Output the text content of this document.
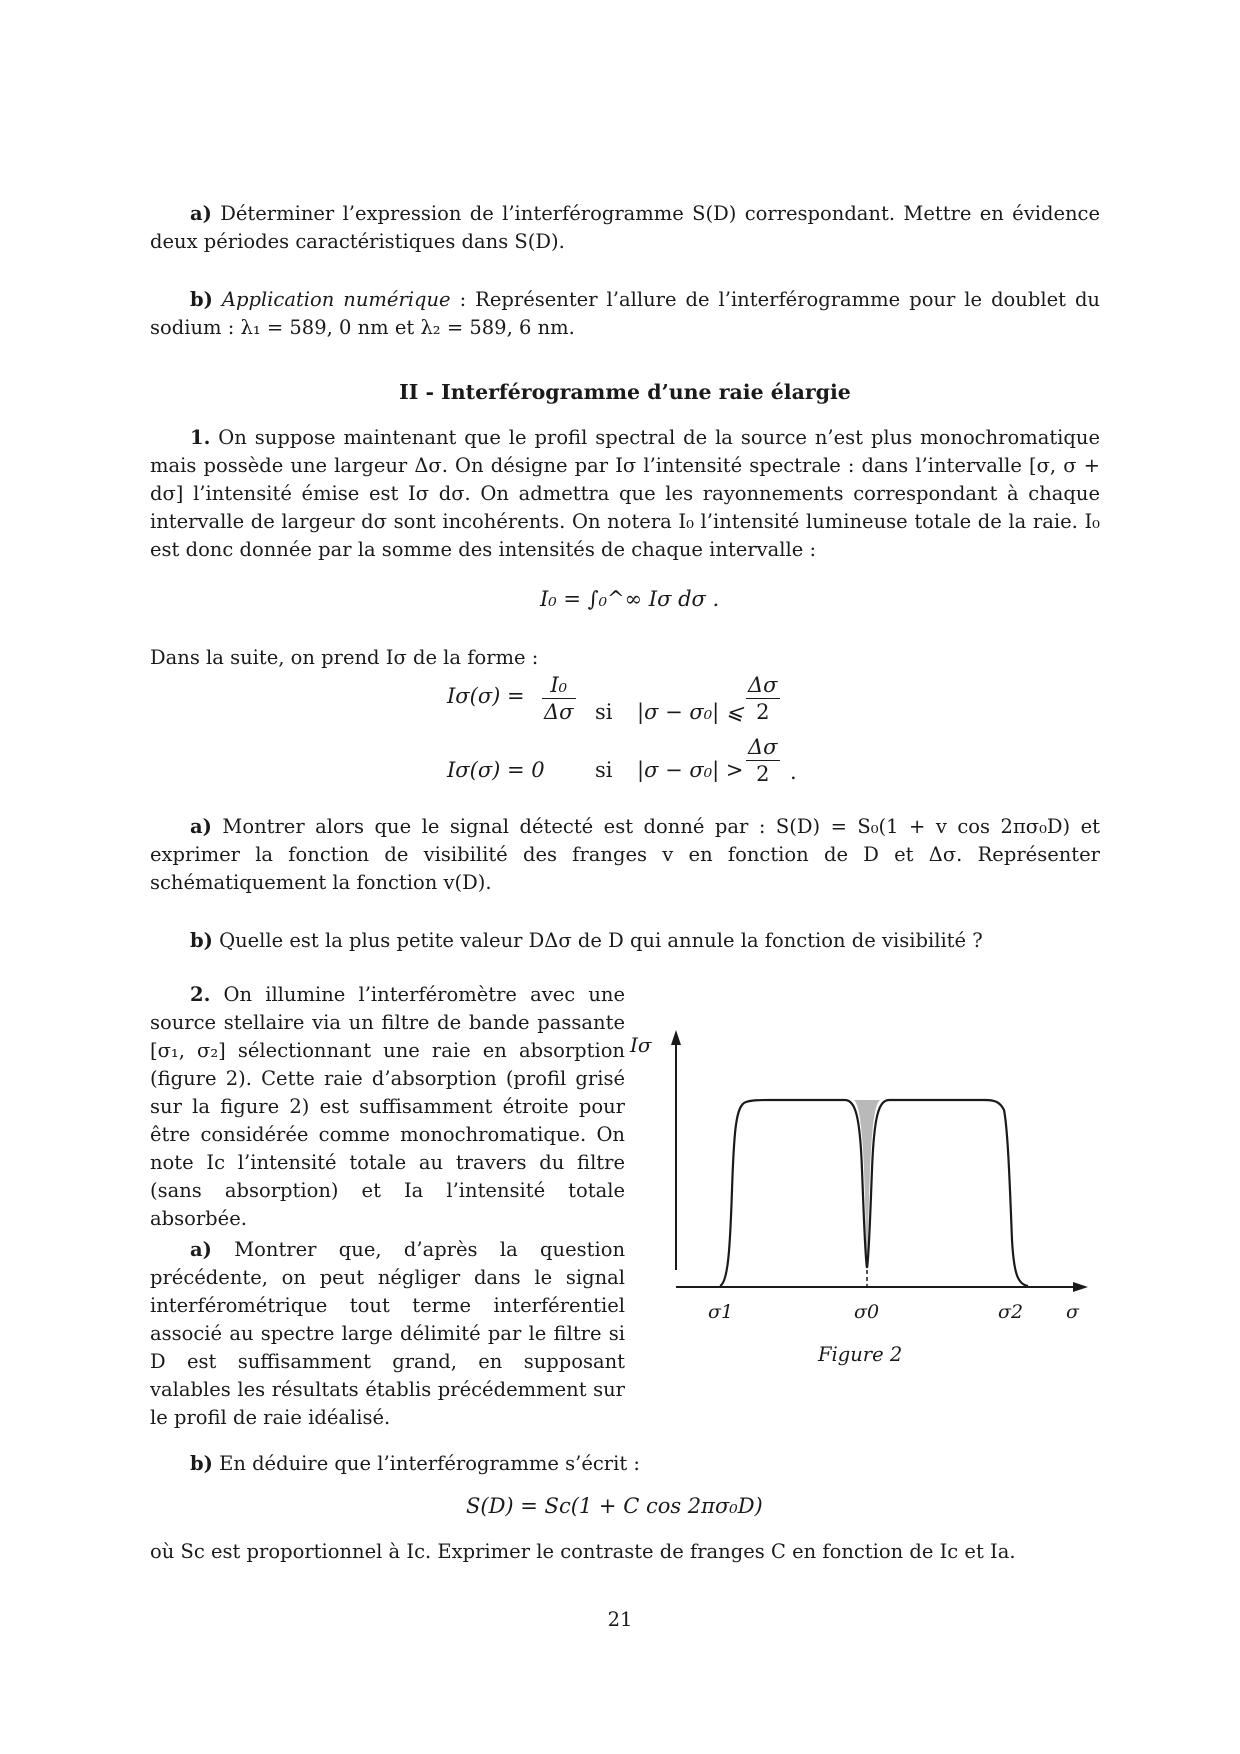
a) Déterminer l’expression de l’interférogramme S(D) correspondant. Mettre en évidence deux périodes caractéristiques dans S(D).

b) Application numérique : Représenter l’allure de l’interférogramme pour le doublet du sodium : λ₁ = 589, 0 nm et λ₂ = 589, 6 nm.

II - Interférogramme d’une raie élargie

1. On suppose maintenant que le profil spectral de la source n’est plus monochromatique mais possède une largeur Δσ. On désigne par Iσ l’intensité spectrale : dans l’intervalle [σ, σ + dσ] l’intensité émise est Iσ dσ. On admettra que les rayonnements correspondant à chaque intervalle de largeur dσ sont incohérents. On notera I₀ l’intensité lumineuse totale de la raie. I₀ est donc donnée par la somme des intensités de chaque intervalle :

I₀ = ∫₀^∞ Iσ dσ .

Dans la suite, on prend Iσ de la forme :

$I\sigma(\sigma) = \frac{\text{I₀}}{\Delta\sigma}$ si |σ − σ₀| ⩽ $\frac{\Delta\sigma}{2}$
Iσ(σ) = 0 si $|\sigma - \sigma_0| > \frac{\Delta\sigma}{2}$ .

a) Montrer alors que le signal détecté est donné par : S(D) = S₀(1 + v cos 2πσ₀D) et exprimer la fonction de visibilité des franges v en fonction de D et Δσ. Représenter schématiquement la fonction v(D).

b) Quelle est la plus petite valeur DΔσ de D qui annule la fonction de visibilité ?

2. On illumine l’interféromètre avec une source stellaire via un filtre de bande passante [σ₁, σ₂] sélectionnant une raie en absorption (figure 2). Cette raie d’absorption (profil grisé sur la figure 2) est suffisamment étroite pour être considérée comme monochromatique. On note Ic l’intensité totale au travers du filtre (sans absorption) et Ia l’intensité totale absorbée.

a) Montrer que, d’après la question précédente, on peut négliger dans le signal interférométrique tout terme interférentiel associé au spectre large délimité par le filtre si D est suffisamment grand, en supposant valables les résultats établis précédemment sur le profil de raie idéalisé.

Iσ
σ1	σ0	σ2 σ
Figure 2

b) En déduire que l’interférogramme s’écrit :

S(D) = Sc(1 + C cos 2πσ₀D)

où Sc est proportionnel à Ic. Exprimer le contraste de franges C en fonction de Ic et Ia.

21
